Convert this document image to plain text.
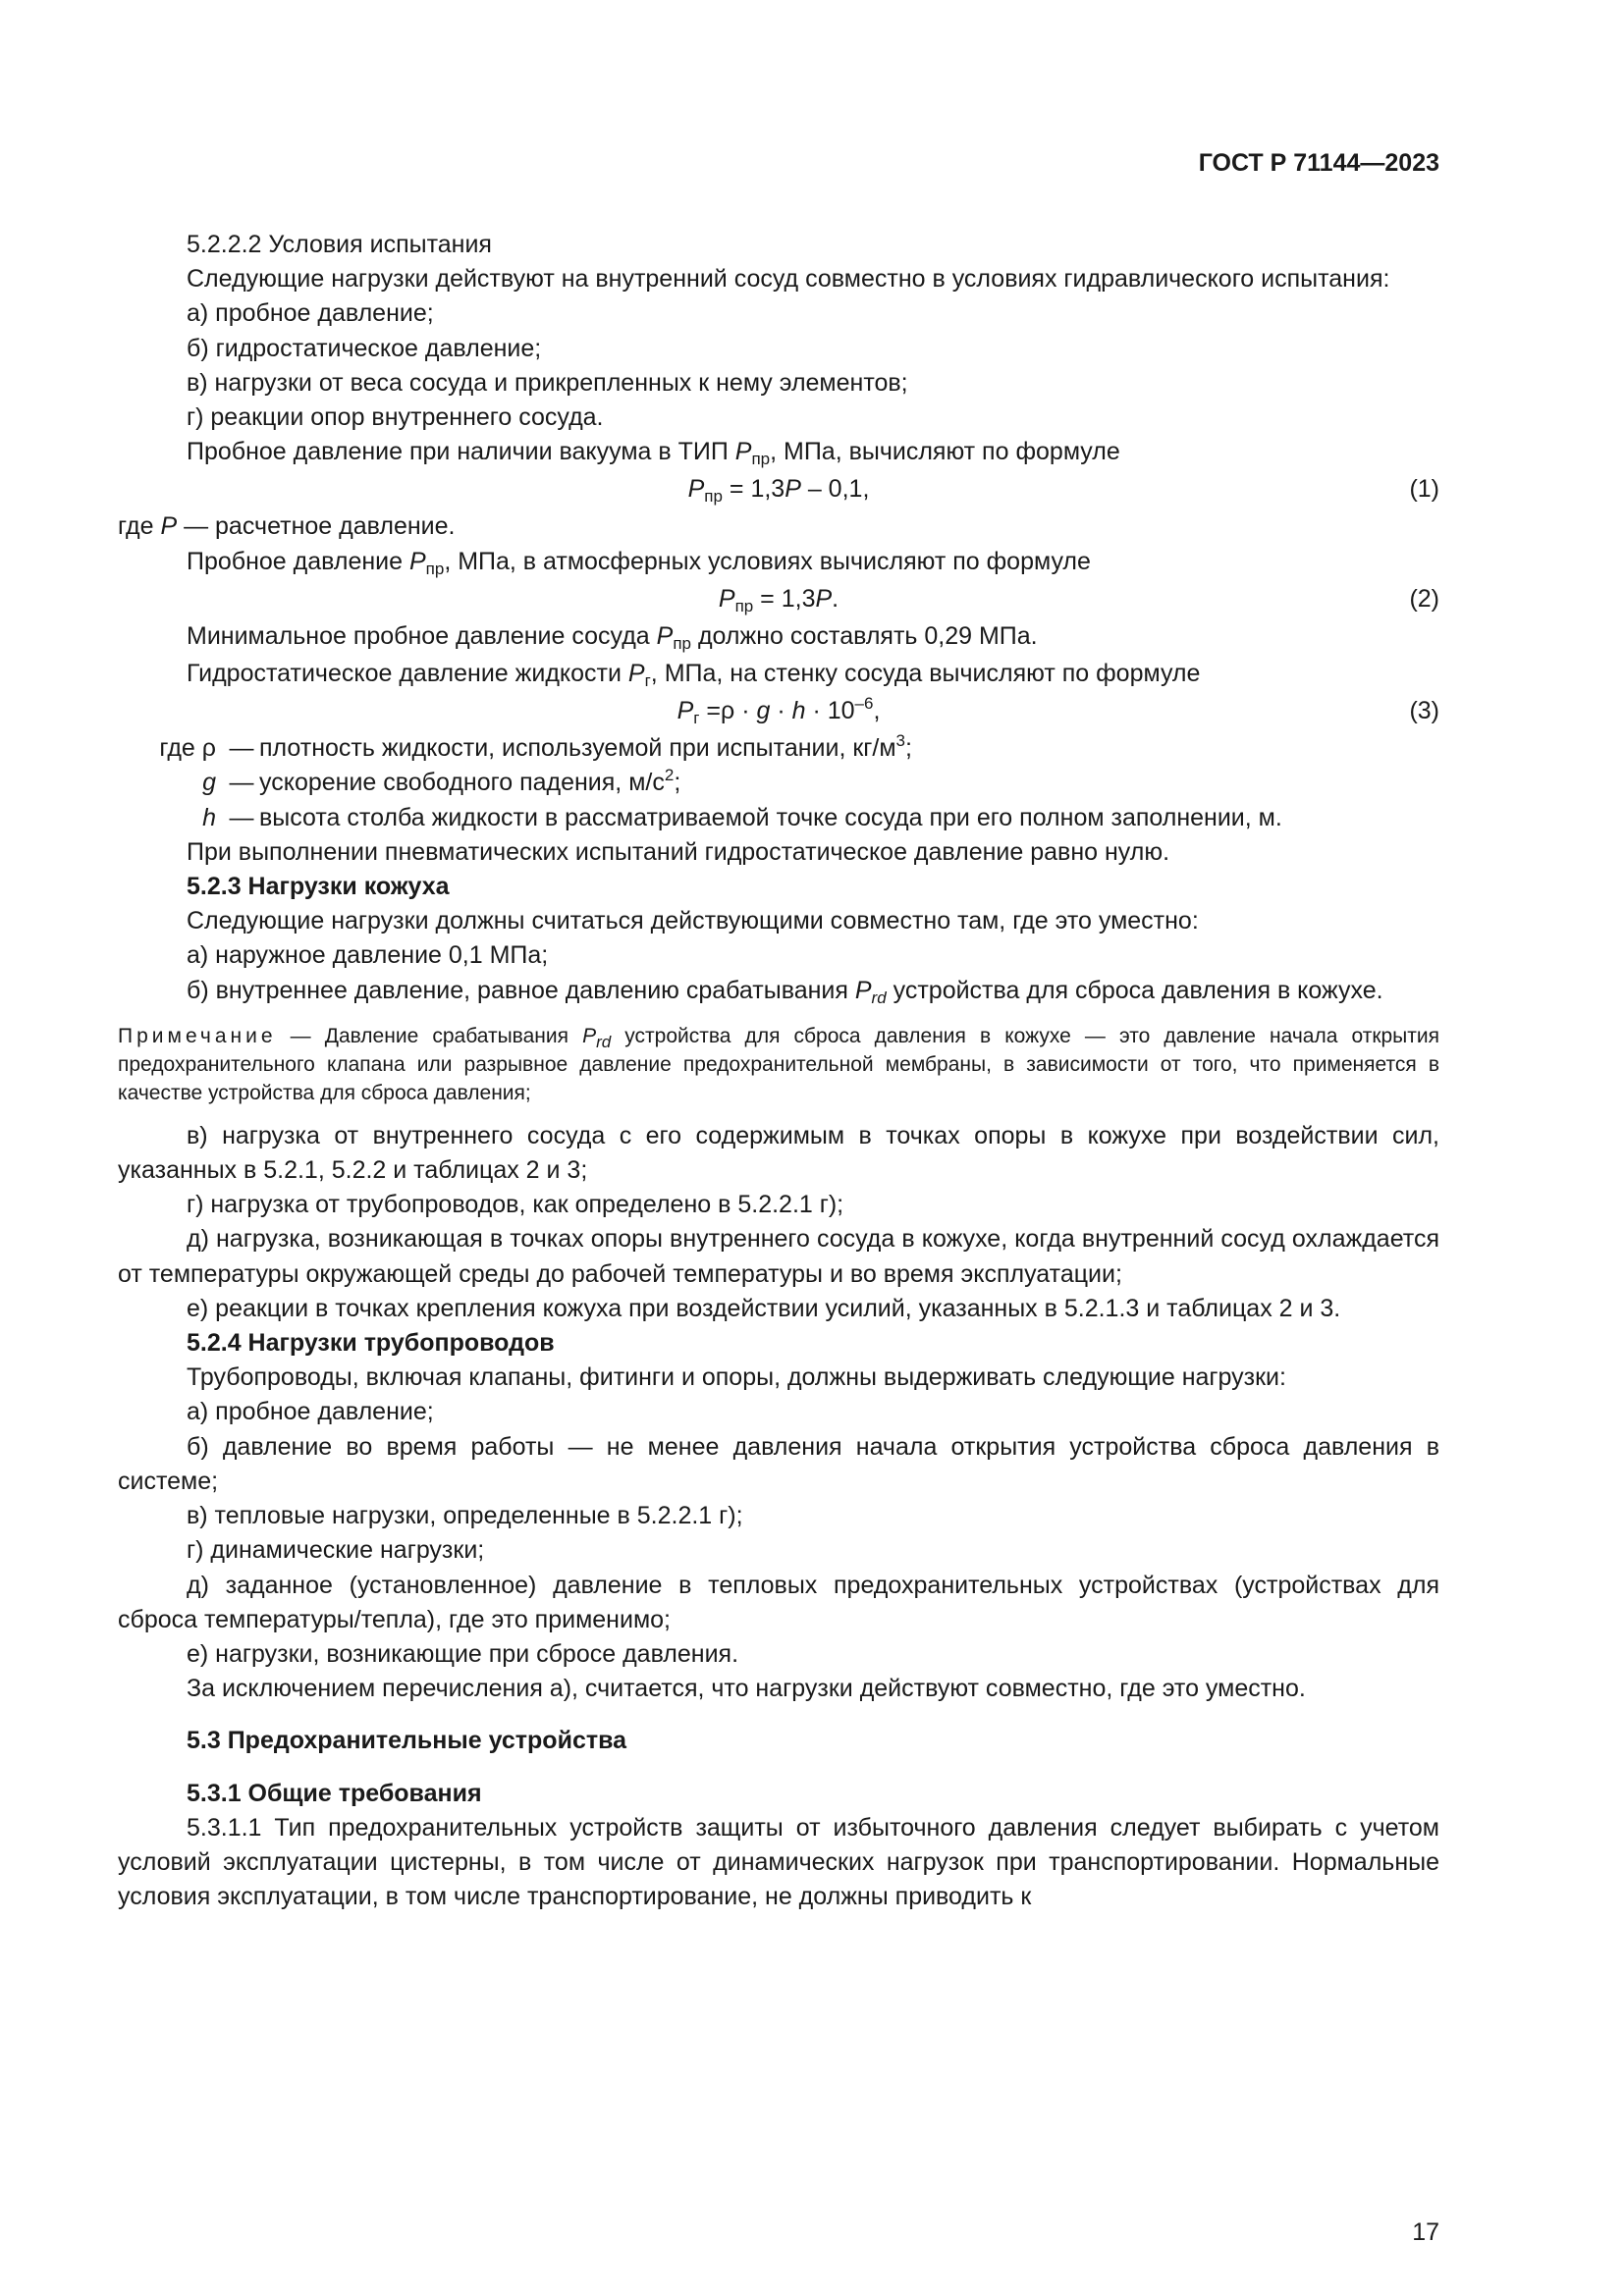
ГОСТ Р 71144—2023

5.2.2.2 Условия испытания

Следующие нагрузки действуют на внутренний сосуд совместно в условиях гидравлического испытания:

а) пробное давление;

б) гидростатическое давление;

в) нагрузки от веса сосуда и прикрепленных к нему элементов;

г) реакции опор внутреннего сосуда.

Пробное давление при наличии вакуума в ТИП $P_{пр}$, МПа, вычисляют по формуле

$P_{пр} = 1,3P - 0,1$,	(1)

где P — расчетное давление.

Пробное давление $P_{пр}$, МПа, в атмосферных условиях вычисляют по формуле

$P_{пр} = 1,3P$.	(2)

Минимальное пробное давление сосуда $P_{пр}$ должно составлять 0,29 МПа.

Гидростатическое давление жидкости $P_г$, МПа, на стенку сосуда вычисляют по формуле

$P_г =\rho \cdot g \cdot h \cdot 10^{-6}$,	(3)
где ρ — плотность жидкости, используемой при испытании, $кг/м^3$;
g — ускорение свободного падения, $м/с^2$;
h — высота столба жидкости в рассматриваемой точке сосуда при его полном заполнении, м.

При выполнении пневматических испытаний гидростатическое давление равно нулю.

5.2.3 Нагрузки кожуха

Следующие нагрузки должны считаться действующими совместно там, где это уместно:

а) наружное давление 0,1 МПа;

б) внутреннее давление, равное давлению срабатывания $P_{rd}$ устройства для сброса давления в кожухе.

Примечание — Давление срабатывания $P_{rd}$ устройства для сброса давления в кожухе — это давление начала открытия предохранительного клапана или разрывное давление предохранительной мембраны, в зависимости от того, что применяется в качестве устройства для сброса давления;

в) нагрузка от внутреннего сосуда с его содержимым в точках опоры в кожухе при воздействии сил, указанных в 5.2.1, 5.2.2 и таблицах 2 и 3;

г) нагрузка от трубопроводов, как определено в 5.2.2.1 г);

д) нагрузка, возникающая в точках опоры внутреннего сосуда в кожухе, когда внутренний сосуд охлаждается от температуры окружающей среды до рабочей температуры и во время эксплуатации;

е) реакции в точках крепления кожуха при воздействии усилий, указанных в 5.2.1.3 и таблицах 2 и 3.

5.2.4 Нагрузки трубопроводов

Трубопроводы, включая клапаны, фитинги и опоры, должны выдерживать следующие нагрузки:

а) пробное давление;

б) давление во время работы — не менее давления начала открытия устройства сброса давления в системе;

в) тепловые нагрузки, определенные в 5.2.2.1 г);

г) динамические нагрузки;

д) заданное (установленное) давление в тепловых предохранительных устройствах (устройствах для сброса температуры/тепла), где это применимо;

е) нагрузки, возникающие при сбросе давления.

За исключением перечисления а), считается, что нагрузки действуют совместно, где это уместно.

5.3 Предохранительные устройства

5.3.1 Общие требования

5.3.1.1 Тип предохранительных устройств защиты от избыточного давления следует выбирать с учетом условий эксплуатации цистерны, в том числе от динамических нагрузок при транспортировании. Нормальные условия эксплуатации, в том числе транспортирование, не должны приводить к

17
